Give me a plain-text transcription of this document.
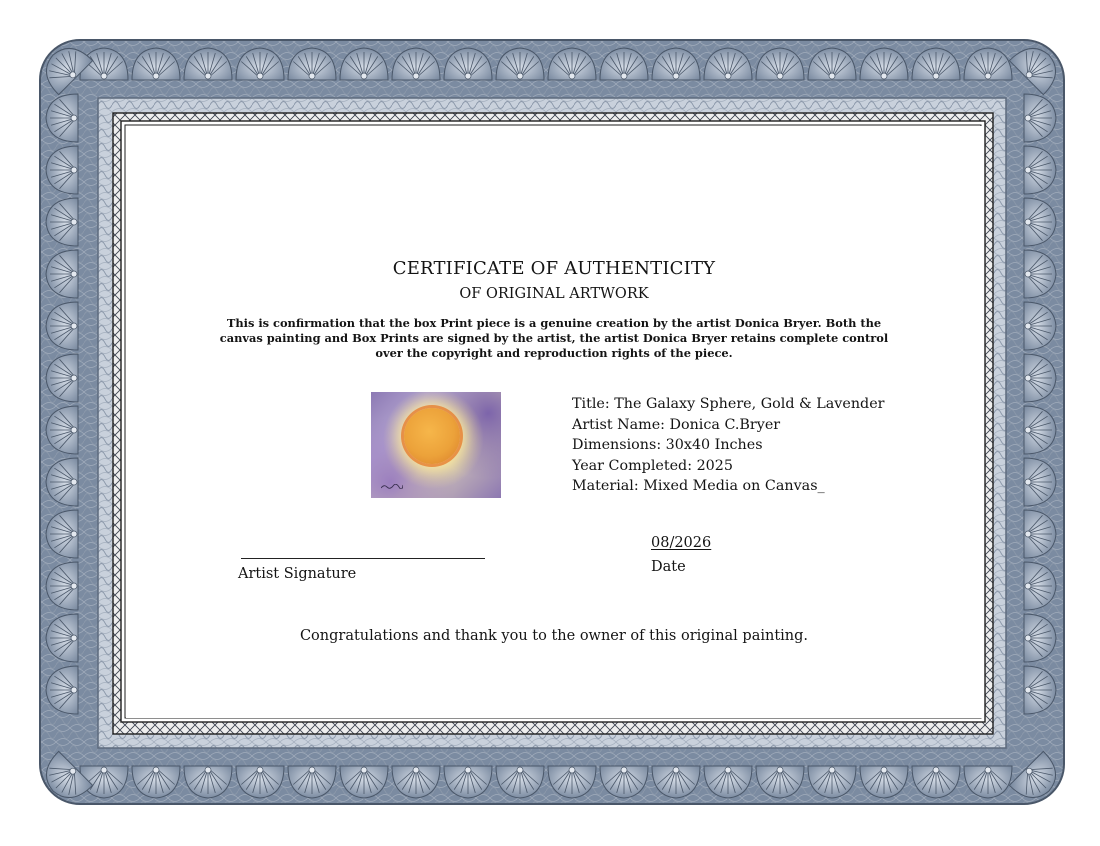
CERTIFICATE OF AUTHENTICITY
OF ORIGINAL ARTWORK
This is confirmation that the box Print piece is a genuine creation by the artist Donica Bryer. Both the canvas painting and Box Prints are signed by the artist, the artist Donica Bryer retains complete control over the copyright and reproduction rights of the piece.
Title: The Galaxy Sphere, Gold & Lavender
Artist Name: Donica C.Bryer
Dimensions: 30x40 Inches
Year Completed: 2025
Material: Mixed Media on Canvas_
Artist Signature
08/2026
Date
Congratulations and thank you to the owner of this original painting.
